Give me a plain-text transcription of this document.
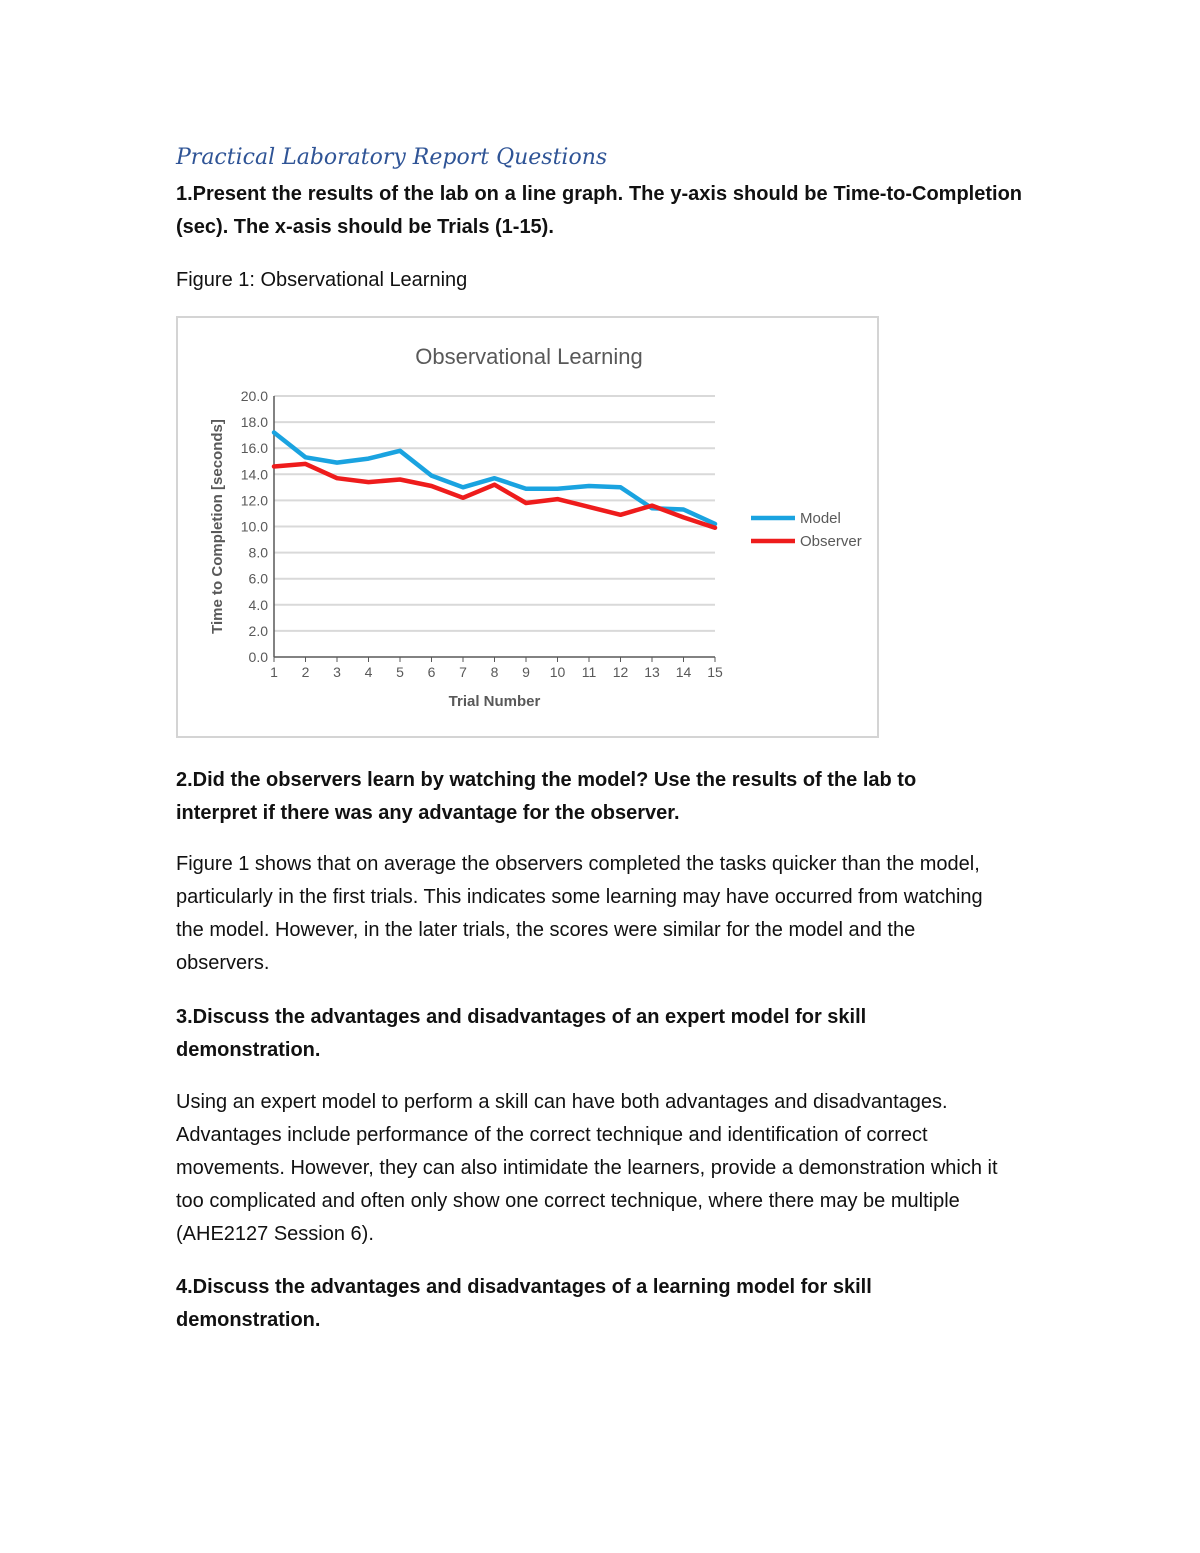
Practical Laboratory Report Questions

1.Present the results of the lab on a line graph. The y-axis should be Time-to-Completion (sec). The x-asis should be Trials (1-15).

Figure 1: Observational Learning

Observational Learning
0.0
2.0
4.0
6.0
8.0
10.0
12.0
14.0
16.0
18.0
20.0
1 2 3 4 5 6 7 8 9 10 11 12 13 14 15
Trial Number
Time to Completion [seconds]	Model
Observer

2.Did the observers learn by watching the model? Use the results of the lab to interpret if there was any advantage for the observer.

Figure 1 shows that on average the observers completed the tasks quicker than the model, particularly in the first trials. This indicates some learning may have occurred from watching the model. However, in the later trials, the scores were similar for the model and the observers.

3.Discuss the advantages and disadvantages of an expert model for skill demonstration.

Using an expert model to perform a skill can have both advantages and disadvantages. Advantages include performance of the correct technique and identification of correct movements. However, they can also intimidate the learners, provide a demonstration which it too complicated and often only show one correct technique, where there may be multiple (AHE2127 Session 6).

4.Discuss the advantages and disadvantages of a learning model for skill demonstration.
